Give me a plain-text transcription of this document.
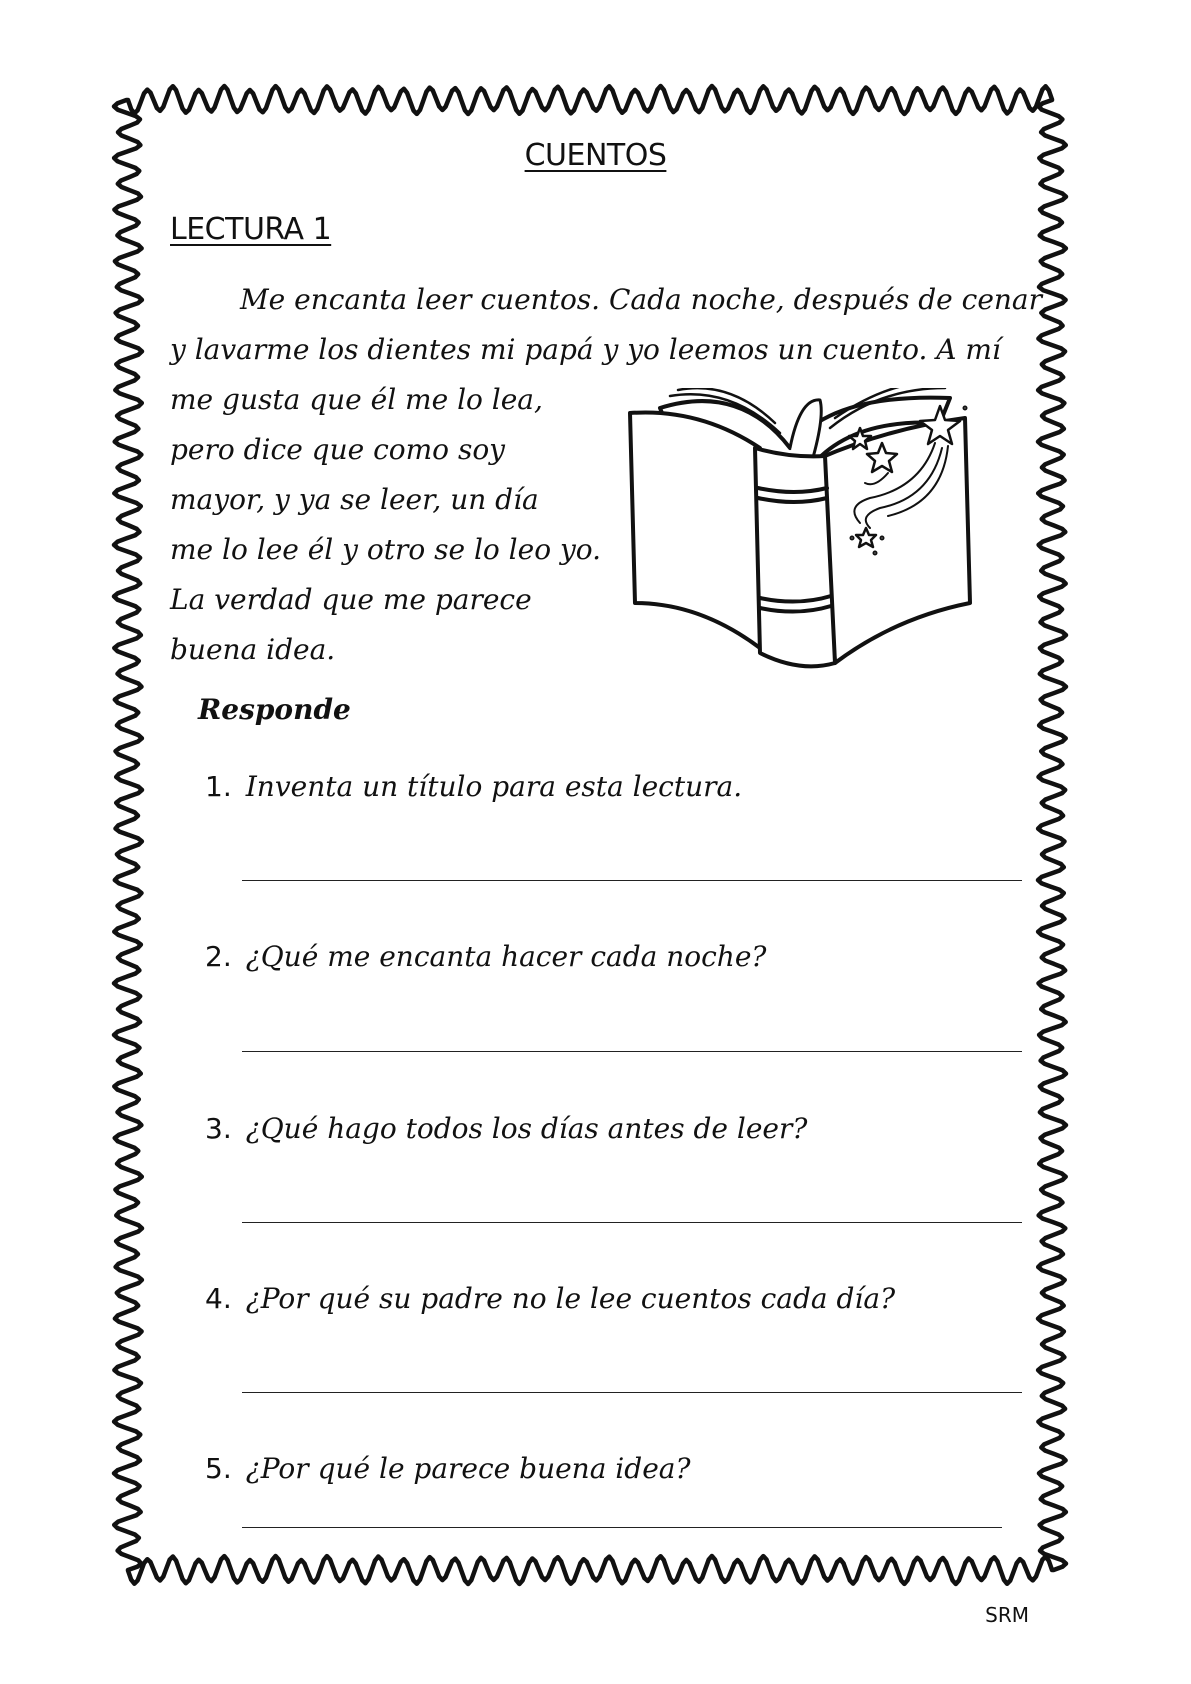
CUENTOS
LECTURA 1
Me encanta leer cuentos. Cada noche, después de cenar
y lavarme los dientes mi papá y yo leemos un cuento. A mí
me gusta que él me lo lea,
pero dice que como soy
mayor, y ya se leer, un día
me lo lee él y otro se lo leo yo.
La verdad que me parece
buena idea.
Responde
1. Inventa un título para esta lectura.
2. ¿Qué me encanta hacer cada noche?
3. ¿Qué hago todos los días antes de leer?
4. ¿Por qué su padre no le lee cuentos cada día?
5. ¿Por qué le parece buena idea?
SRM
